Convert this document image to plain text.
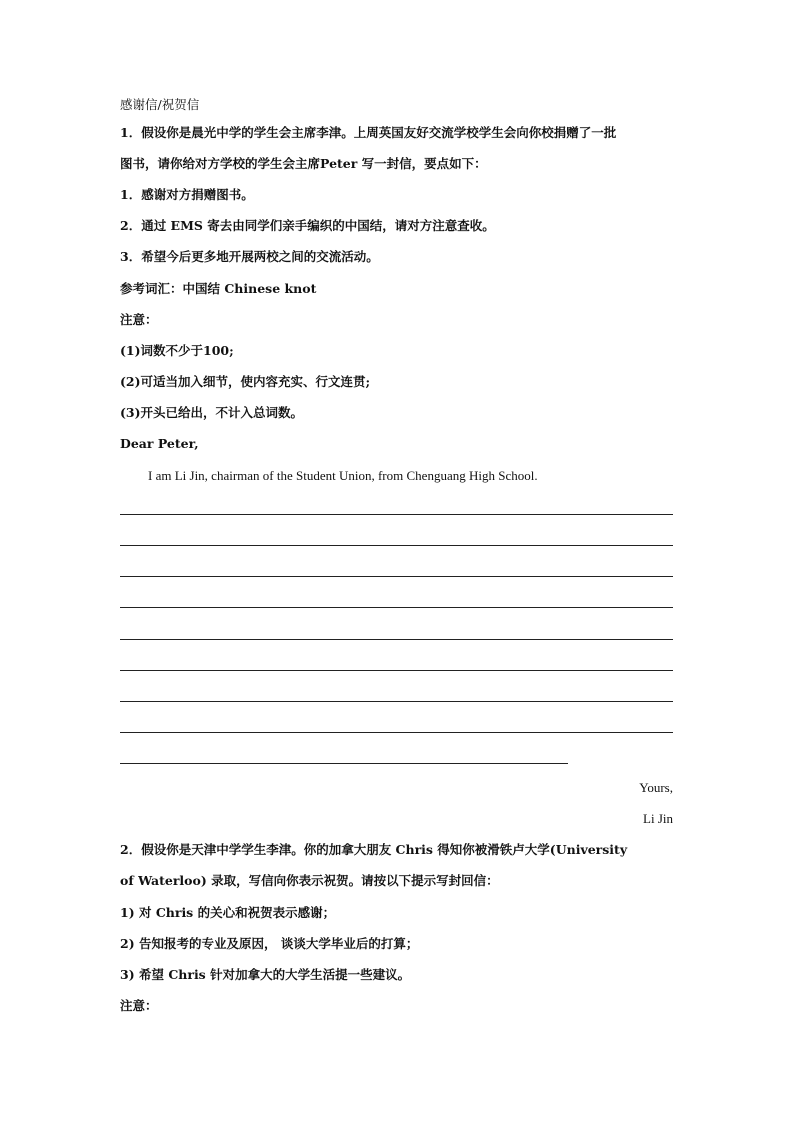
感谢信/祝贺信
1．假设你是晨光中学的学生会主席李津。上周英国友好交流学校学生会向你校捐赠了一批
图书，请你给对方学校的学生会主席Peter 写一封信，要点如下：
1．感谢对方捐赠图书。
2．通过 EMS 寄去由同学们亲手编织的中国结，请对方注意查收。
3．希望今后更多地开展两校之间的交流活动。
参考词汇：中国结 Chinese knot
注意：
(1)词数不少于100;
(2)可适当加入细节，使内容充实、行文连贯;
(3)开头已给出，不计入总词数。
Dear Peter,
I am Li Jin, chairman of the Student Union, from Chenguang High School.
Yours,
Li Jin
2．假设你是天津中学学生李津。你的加拿大朋友 Chris 得知你被滑铁卢大学(University
of Waterloo) 录取，写信向你表示祝贺。请按以下提示写封回信：
1) 对 Chris 的关心和祝贺表示感谢；
2) 告知报考的专业及原因， 谈谈大学毕业后的打算；
3) 希望 Chris 针对加拿大的大学生活提一些建议。
注意：
